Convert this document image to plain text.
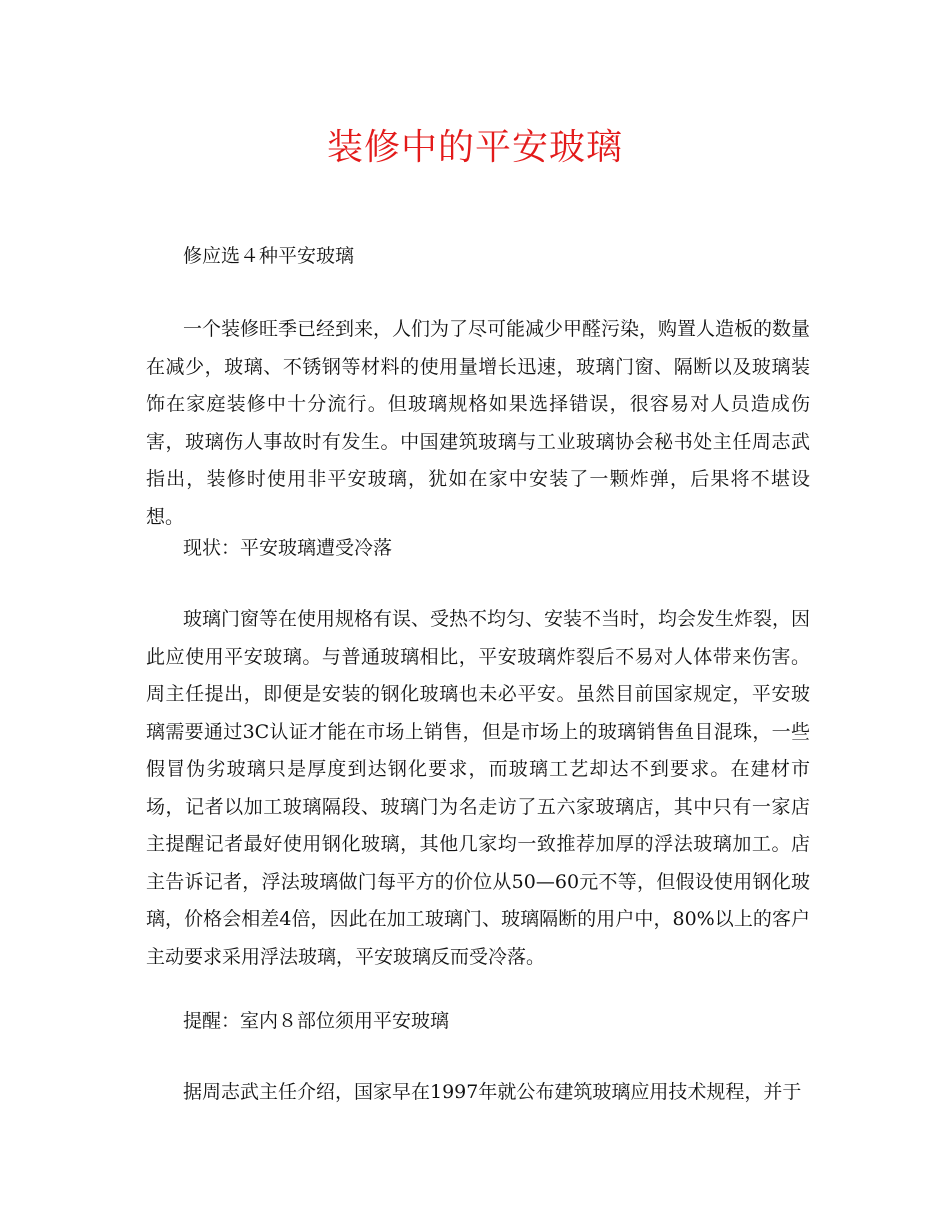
装修中的平安玻璃

修应选４种平安玻璃

一个装修旺季已经到来，人们为了尽可能减少甲醛污染，购置人造板的数量在减少，玻璃、不锈钢等材料的使用量增长迅速，玻璃门窗、隔断以及玻璃装饰在家庭装修中十分流行。但玻璃规格如果选择错误，很容易对人员造成伤害，玻璃伤人事故时有发生。中国建筑玻璃与工业玻璃协会秘书处主任周志武指出，装修时使用非平安玻璃，犹如在家中安装了一颗炸弹，后果将不堪设想。

现状：平安玻璃遭受冷落

玻璃门窗等在使用规格有误、受热不均匀、安装不当时，均会发生炸裂，因此应使用平安玻璃。与普通玻璃相比，平安玻璃炸裂后不易对人体带来伤害。周主任提出，即便是安装的钢化玻璃也未必平安。虽然目前国家规定，平安玻璃需要通过3C认证才能在市场上销售，但是市场上的玻璃销售鱼目混珠，一些假冒伪劣玻璃只是厚度到达钢化要求，而玻璃工艺却达不到要求。在建材市场，记者以加工玻璃隔段、玻璃门为名走访了五六家玻璃店，其中只有一家店主提醒记者最好使用钢化玻璃，其他几家均一致推荐加厚的浮法玻璃加工。店主告诉记者，浮法玻璃做门每平方的价位从50—60元不等，但假设使用钢化玻璃，价格会相差4倍，因此在加工玻璃门、玻璃隔断的用户中，80%以上的客户主动要求采用浮法玻璃，平安玻璃反而受冷落。

提醒：室内８部位须用平安玻璃

据周志武主任介绍，国家早在1997年就公布建筑玻璃应用技术规程，并于
